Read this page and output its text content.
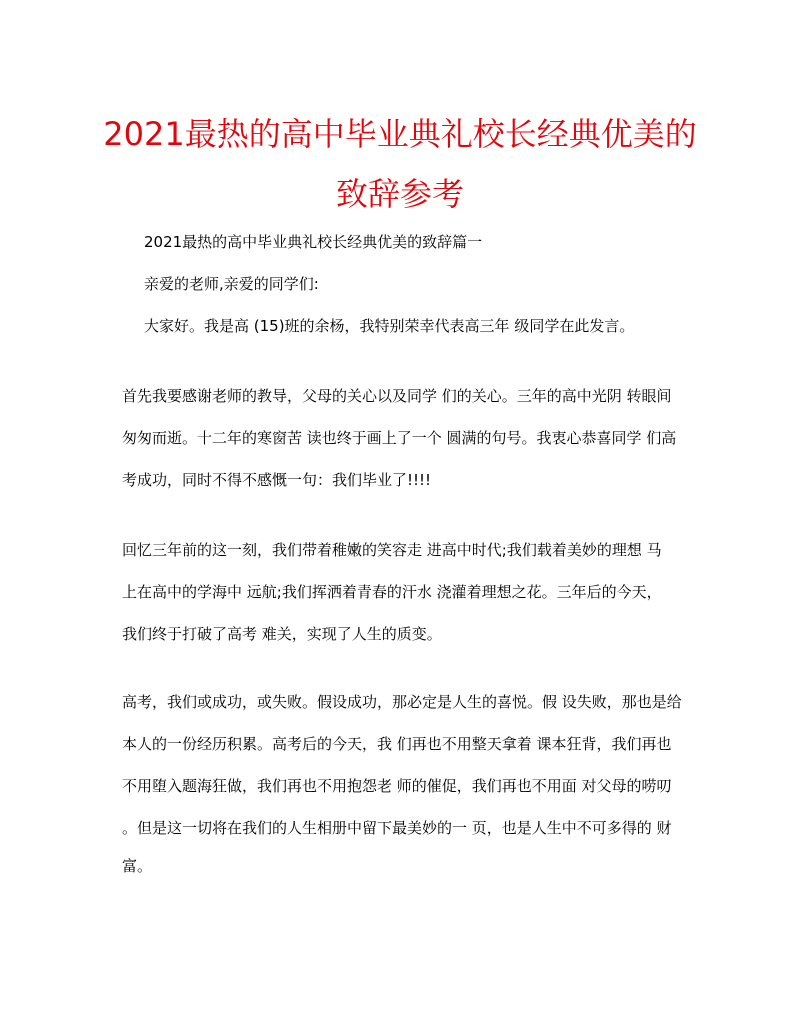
2021最热的高中毕业典礼校长经典优美的
致辞参考

2021最热的高中毕业典礼校长经典优美的致辞篇一

亲爱的老师,亲爱的同学们:

大家好。我是高 (15)班的余杨，我特别荣幸代表高三年 级同学在此发言。

首先我要感谢老师的教导，父母的关心以及同学 们的关心。三年的高中光阴 转眼间

匆匆而逝。十二年的寒窗苦 读也终于画上了一个 圆满的句号。我衷心恭喜同学 们高

考成功，同时不得不感慨一句：我们毕业了!!!!

回忆三年前的这一刻，我们带着稚嫩的笑容走 进高中时代;我们载着美妙的理想 马

上在高中的学海中 远航;我们挥洒着青春的汗水 浇灌着理想之花。三年后的今天，

我们终于打破了高考 难关，实现了人生的质变。

高考，我们或成功，或失败。假设成功，那必定是人生的喜悦。假 设失败，那也是给

本人的一份经历积累。高考后的今天，我 们再也不用整天拿着 课本狂背，我们再也

不用堕入题海狂做，我们再也不用抱怨老 师的催促，我们再也不用面 对父母的唠叨

。但是这一切将在我们的人生相册中留下最美妙的一 页，也是人生中不可多得的 财

富。
